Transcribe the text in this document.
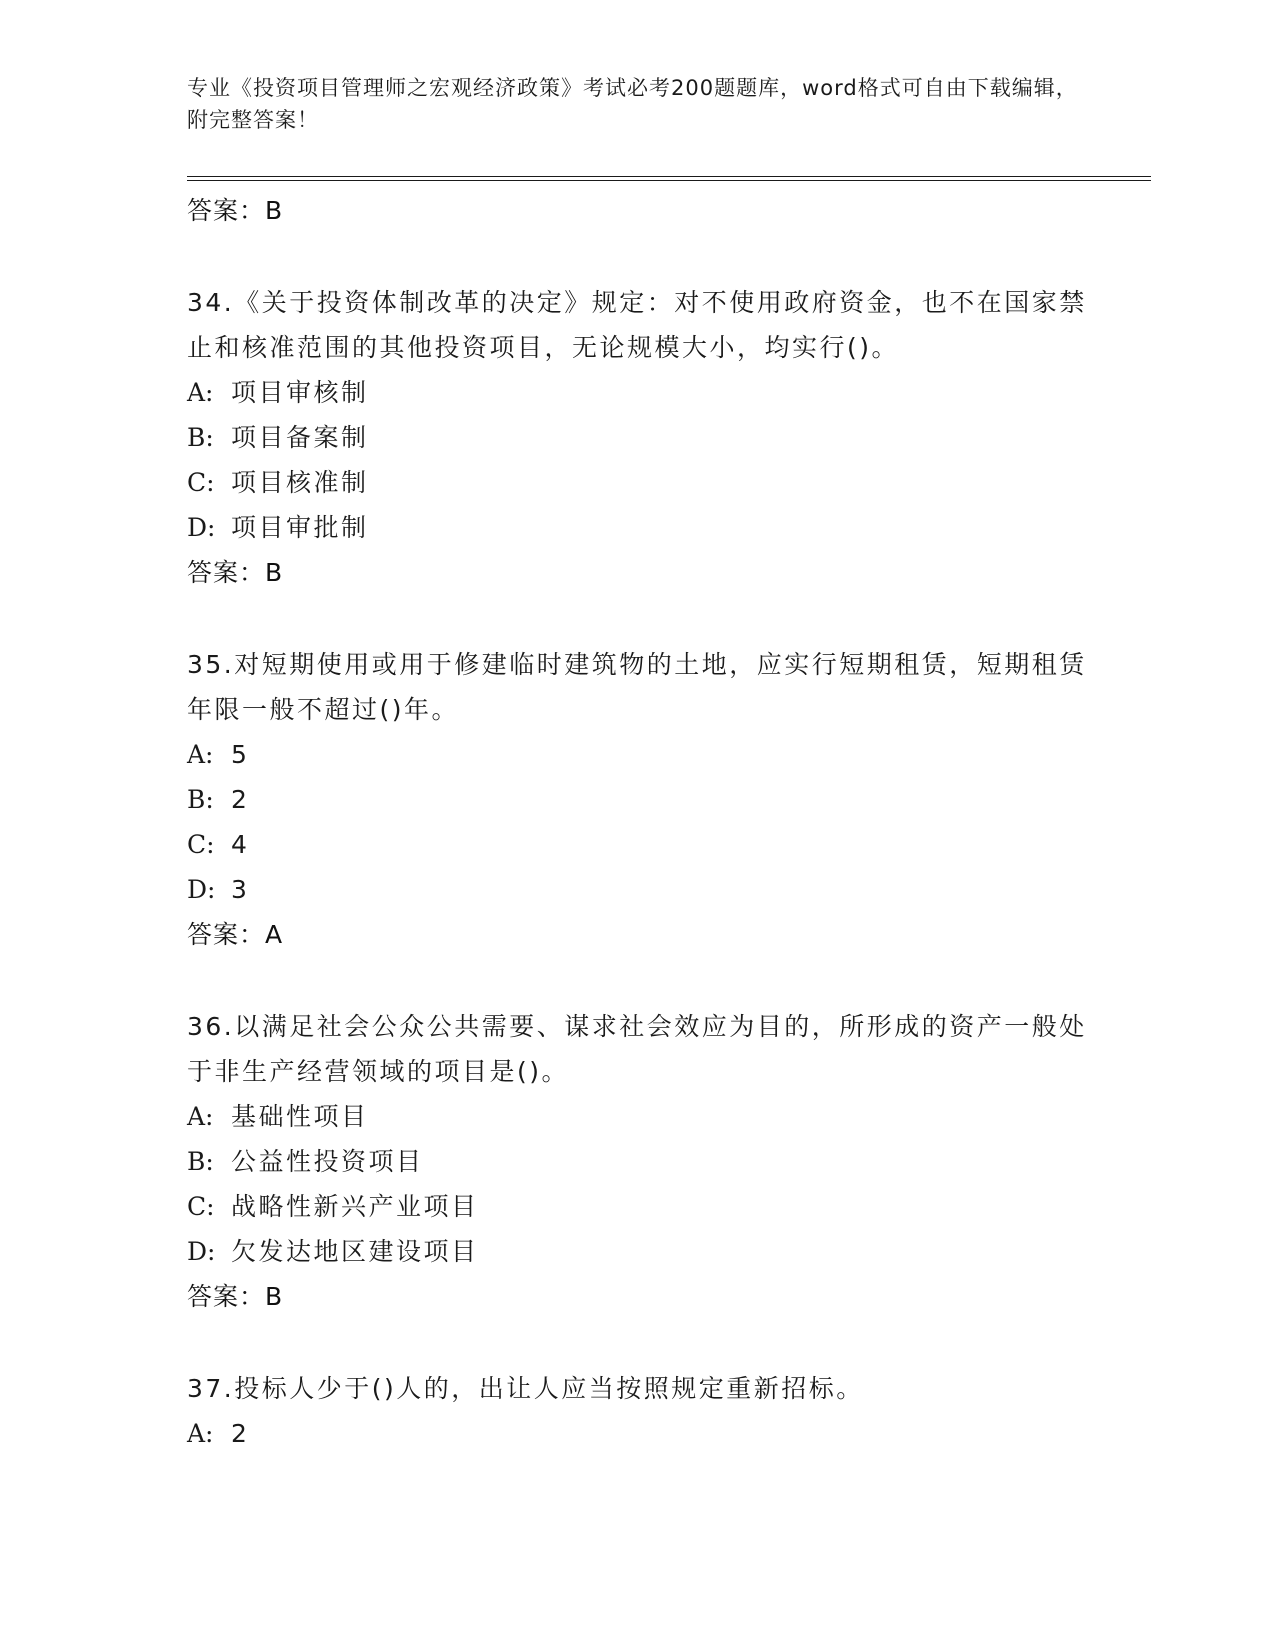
专业《投资项目管理师之宏观经济政策》考试必考200题题库，word格式可自由下载编辑，附完整答案！
答案：B

34.《关于投资体制改革的决定》规定：对不使用政府资金，也不在国家禁止和核准范围的其他投资项目，无论规模大小，均实行()。

A: 项目审核制
B: 项目备案制
C: 项目核准制
D: 项目审批制
答案：B

35.对短期使用或用于修建临时建筑物的土地，应实行短期租赁，短期租赁年限一般不超过()年。

A: 5
B: 2
C: 4
D: 3
答案：A

36.以满足社会公众公共需要、谋求社会效应为目的，所形成的资产一般处于非生产经营领域的项目是()。

A: 基础性项目
B: 公益性投资项目
C: 战略性新兴产业项目
D: 欠发达地区建设项目
答案：B

37.投标人少于()人的，出让人应当按照规定重新招标。

A: 2
